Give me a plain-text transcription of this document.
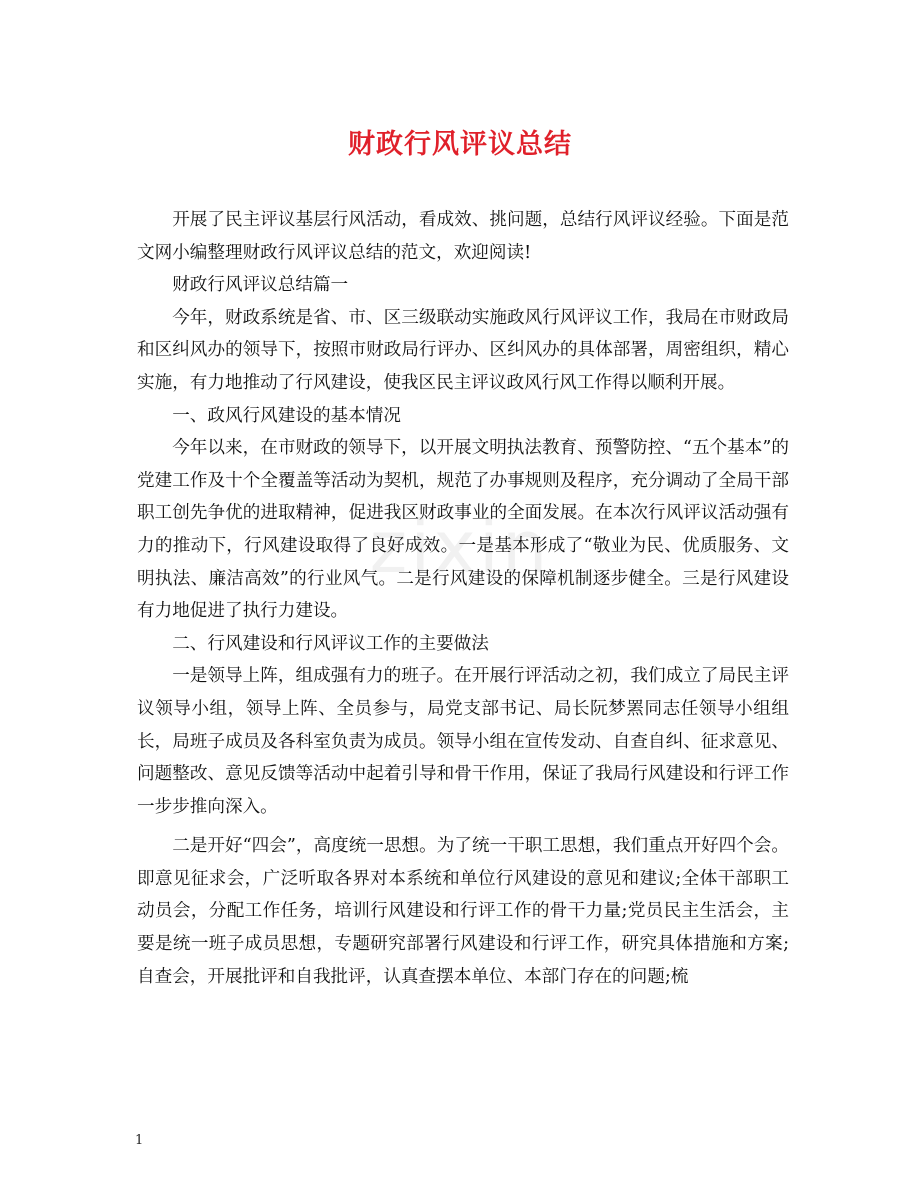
zixin
财政行风评议总结

开展了民主评议基层行风活动，看成效、挑问题，总结行风评议经验。下面是范文网小编整理财政行风评议总结的范文，欢迎阅读!

财政行风评议总结篇一

今年，财政系统是省、市、区三级联动实施政风行风评议工作，我局在市财政局和区纠风办的领导下，按照市财政局行评办、区纠风办的具体部署，周密组织，精心实施，有力地推动了行风建设，使我区民主评议政风行风工作得以顺利开展。

一、政风行风建设的基本情况

今年以来，在市财政的领导下，以开展文明执法教育、预警防控、“五个基本”的党建工作及十个全覆盖等活动为契机，规范了办事规则及程序，充分调动了全局干部职工创先争优的进取精神，促进我区财政事业的全面发展。在本次行风评议活动强有力的推动下，行风建设取得了良好成效。一是基本形成了“敬业为民、优质服务、文明执法、廉洁高效”的行业风气。二是行风建设的保障机制逐步健全。三是行风建设有力地促进了执行力建设。

二、行风建设和行风评议工作的主要做法

一是领导上阵，组成强有力的班子。在开展行评活动之初，我们成立了局民主评议领导小组，领导上阵、全员参与，局党支部书记、局长阮梦罴同志任领导小组组长，局班子成员及各科室负责为成员。领导小组在宣传发动、自查自纠、征求意见、问题整改、意见反馈等活动中起着引导和骨干作用，保证了我局行风建设和行评工作一步步推向深入。

二是开好“四会”，高度统一思想。为了统一干职工思想，我们重点开好四个会。即意见征求会，广泛听取各界对本系统和单位行风建设的意见和建议;全体干部职工动员会，分配工作任务，培训行风建设和行评工作的骨干力量;党员民主生活会，主要是统一班子成员思想，专题研究部署行风建设和行评工作，研究具体措施和方案;自查会，开展批评和自我批评，认真查摆本单位、本部门存在的问题;梳

1
